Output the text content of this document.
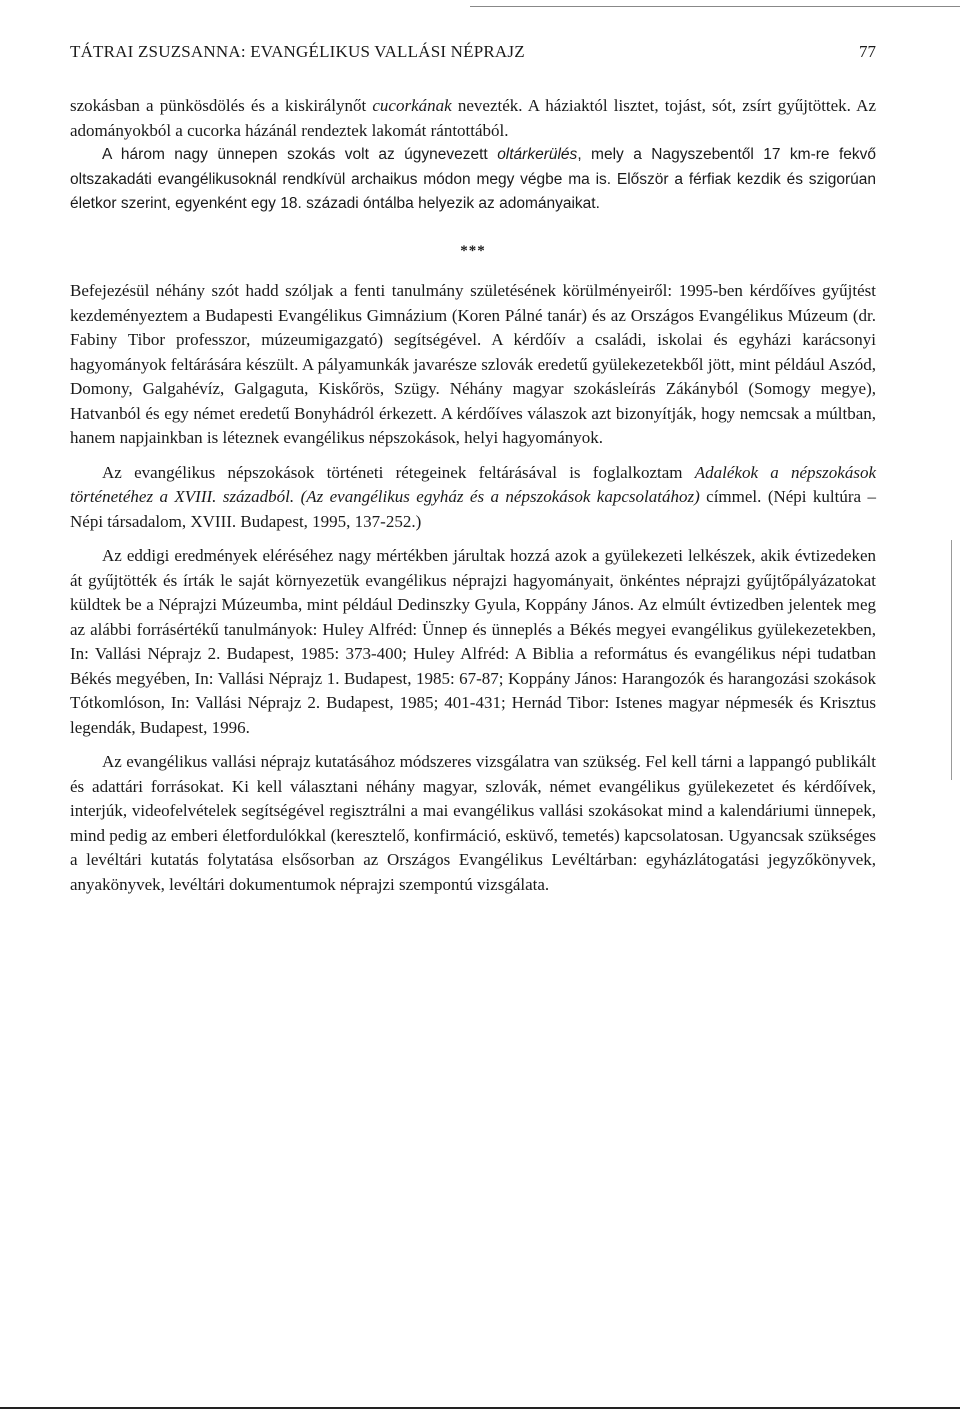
TÁTRAI ZSUZSANNA: EVANGÉLIKUS VALLÁSI NÉPRAJZ	77

szokásban a pünkösdölés és a kiskirálynőt cucorkának nevezték. A háziaktól lisztet, tojást, sót, zsírt gyűjtöttek. Az adományokból a cucorka házánál rendeztek lakomát rántottából.

A három nagy ünnepen szokás volt az úgynevezett oltárkerülés, mely a Nagyszebentől 17 km-re fekvő oltszakadáti evangélikusoknál rendkívül archaikus módon megy végbe ma is. Először a férfiak kezdik és szigorúan életkor szerint, egyenként egy 18. századi óntálba helyezik az adományaikat.

***

Befejezésül néhány szót hadd szóljak a fenti tanulmány születésének körülményeiről: 1995-ben kérdőíves gyűjtést kezdeményeztem a Budapesti Evangélikus Gimnázium (Koren Pálné tanár) és az Országos Evangélikus Múzeum (dr. Fabiny Tibor professzor, múzeumigazgató) segítségével. A kérdőív a családi, iskolai és egyházi karácsonyi hagyományok feltárására készült. A pályamunkák javarésze szlovák eredetű gyülekezetekből jött, mint például Aszód, Domony, Galgahévíz, Galgaguta, Kiskőrös, Szügy. Néhány magyar szokásleírás Zákányból (Somogy megye), Hatvanból és egy német eredetű Bonyhádról érkezett. A kérdőíves válaszok azt bizonyítják, hogy nemcsak a múltban, hanem napjainkban is léteznek evangélikus népszokások, helyi hagyományok.

Az evangélikus népszokások történeti rétegeinek feltárásával is foglalkoztam Adalékok a népszokások történetéhez a XVIII. századból. (Az evangélikus egyház és a népszokások kapcsolatához) címmel. (Népi kultúra – Népi társadalom, XVIII. Budapest, 1995, 137-252.)

Az eddigi eredmények eléréséhez nagy mértékben járultak hozzá azok a gyülekezeti lelkészek, akik évtizedeken át gyűjtötték és írták le saját környezetük evangélikus néprajzi hagyományait, önkéntes néprajzi gyűjtőpályázatokat küldtek be a Néprajzi Múzeumba, mint például Dedinszky Gyula, Koppány János. Az elmúlt évtizedben jelentek meg az alábbi forrásértékű tanulmányok: Huley Alfréd: Ünnep és ünneplés a Békés megyei evangélikus gyülekezetekben, In: Vallási Néprajz 2. Budapest, 1985: 373-400; Huley Alfréd: A Biblia a református és evangélikus népi tudatban Békés megyében, In: Vallási Néprajz 1. Budapest, 1985: 67-87; Koppány János: Harangozók és harangozási szokások Tótkomlóson, In: Vallási Néprajz 2. Budapest, 1985; 401-431; Hernád Tibor: Istenes magyar népmesék és Krisztus legendák, Budapest, 1996.

Az evangélikus vallási néprajz kutatásához módszeres vizsgálatra van szükség. Fel kell tárni a lappangó publikált és adattári forrásokat. Ki kell választani néhány magyar, szlovák, német evangélikus gyülekezetet és kérdőívek, interjúk, videofelvételek segítségével regisztrálni a mai evangélikus vallási szokásokat mind a kalendáriumi ünnepek, mind pedig az emberi életfordulókkal (keresztelő, konfirmáció, esküvő, temetés) kapcsolatosan. Ugyancsak szükséges a levéltári kutatás folytatása elsősorban az Országos Evangélikus Levéltárban: egyházlátogatási jegyzőkönyvek, anyakönyvek, levéltári dokumentumok néprajzi szempontú vizsgálata.
